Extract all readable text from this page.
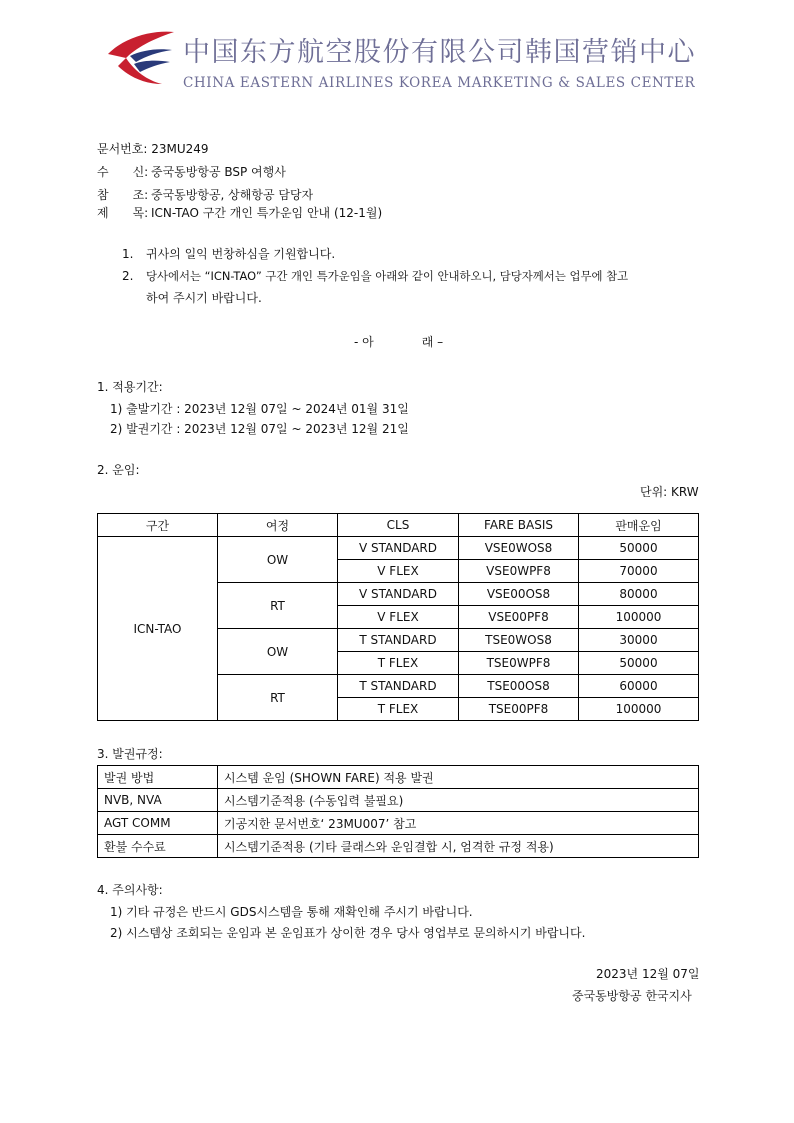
中国东方航空股份有限公司韩国营销中心
CHINA EASTERN AIRLINES KOREA MARKETING & SALES CENTER
문서번호: 23MU249
수　　신: 중국동방항공 BSP 여행사
참　　조: 중국동방항공, 상해항공 담당자
제　　목: ICN-TAO 구간 개인 특가운임 안내 (12-1월)
1. 귀사의 일익 번창하심을 기원합니다.
2. 당사에서는 “ICN-TAO” 구간 개인 특가운임을 아래와 같이 안내하오니, 담당자께서는 업무에 참고
하여 주시기 바랍니다.
- 아　　　　래 –
1. 적용기간:
1) 출발기간 : 2023년 12월 07일 ~ 2024년 01월 31일
2) 발권기간 : 2023년 12월 07일 ~ 2023년 12월 21일
2. 운임:
단위: KRW
구간	여정	CLS	FARE BASIS	판매운임
ICN-TAO	OW	V STANDARD	VSE0WOS8	50000
		V FLEX	VSE0WPF8	70000
	RT	V STANDARD	VSE00OS8	80000
		V FLEX	VSE00PF8	100000
	OW	T STANDARD	TSE0WOS8	30000
		T FLEX	TSE0WPF8	50000
	RT	T STANDARD	TSE00OS8	60000
		T FLEX	TSE00PF8	100000
3. 발권규정:
발권 방법	시스템 운임 (SHOWN FARE) 적용 발권
NVB, NVA	시스템기준적용 (수동입력 불필요)
AGT COMM	기공지한 문서번호‘ 23MU007’ 참고
환불 수수료	시스템기준적용 (기타 클래스와 운임결합 시, 엄격한 규정 적용)
4. 주의사항:
1) 기타 규정은 반드시 GDS시스템을 통해 재확인해 주시기 바랍니다.
2) 시스템상 조회되는 운임과 본 운임표가 상이한 경우 당사 영업부로 문의하시기 바랍니다.
2023년 12월 07일
중국동방항공 한국지사
